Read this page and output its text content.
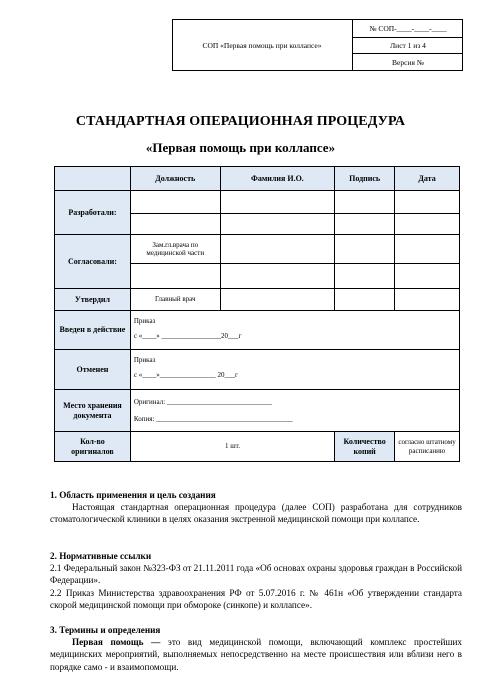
СОП «Первая помощь при коллапсе»
№ СОП-____-____-____
Лист 1 из 4
Версия №
СТАНДАРТНАЯ ОПЕРАЦИОННАЯ ПРОЦЕДУРА
«Первая помощь при коллапсе»
	Должность	Фамилия И.О.	Подпись	Дата
Разработали:				

Согласовали:	Зам.гл.врача по медицинской части			

Утвердил	Главный врач			
Введен в действие	Приказ
с «____» _________________20___г			

Отменен	Приказ
с «____»________________ 20___г			

Место хранения документа	Оригинал: ______________________________
Копия: _______________________________________			

Кол-во оригиналов	1 шт.		Количество копий	согласно штатному расписанию
1. Область применения и цель создания
Настоящая стандартная операционная процедура (далее СОП) разработана для сотрудников стоматологической клиники в целях оказания экстренной медицинской помощи при коллапсе.
2. Нормативные ссылки
2.1 Федеральный закон №323-ФЗ от 21.11.2011 года «Об основах охраны здоровья граждан в Российской Федерации».
2.2 Приказ Министерства здравоохранения РФ от 5.07.2016 г. № 461н «Об утверждении стандарта скорой медицинской помощи при обмороке (синкопе) и коллапсе».
3. Термины и определения
Первая помощь — это вид медицинской помощи, включающий комплекс простейших медицинских мероприятий, выполняемых непосредственно на месте происшествия или вблизи него в порядке само - и взаимопомощи.
